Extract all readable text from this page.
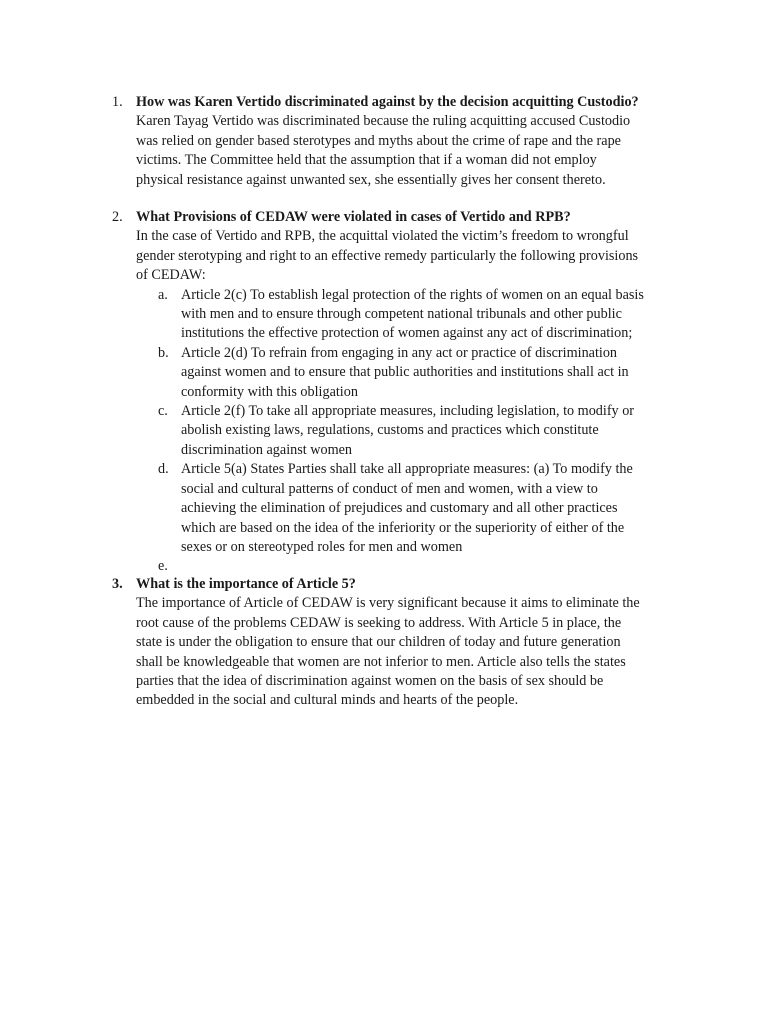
1. How was Karen Vertido discriminated against by the decision acquitting Custodio?
Karen Tayag Vertido was discriminated because the ruling acquitting accused Custodio
was relied on gender based sterotypes and myths about the crime of rape and the rape
victims. The Committee held that the assumption that if a woman did not employ
physical resistance against unwanted sex, she essentially gives her consent thereto.
2. What Provisions of CEDAW were violated in cases of Vertido and RPB?
In the case of Vertido and RPB, the acquittal violated the victim’s freedom to wrongful
gender sterotyping and right to an effective remedy particularly the following provisions
of CEDAW:
a. Article 2(c) To establish legal protection of the rights of women on an equal basis
with men and to ensure through competent national tribunals and other public
institutions the effective protection of women against any act of discrimination;
b. Article 2(d) To refrain from engaging in any act or practice of discrimination
against women and to ensure that public authorities and institutions shall act in
conformity with this obligation
c. Article 2(f) To take all appropriate measures, including legislation, to modify or
abolish existing laws, regulations, customs and practices which constitute
discrimination against women
d. Article 5(a) States Parties shall take all appropriate measures: (a) To modify the
social and cultural patterns of conduct of men and women, with a view to
achieving the elimination of prejudices and customary and all other practices
which are based on the idea of the inferiority or the superiority of either of the
sexes or on stereotyped roles for men and women
e.
3. What is the importance of Article 5?
The importance of Article of CEDAW is very significant because it aims to eliminate the
root cause of the problems CEDAW is seeking to address. With Article 5 in place, the
state is under the obligation to ensure that our children of today and future generation
shall be knowledgeable that women are not inferior to men. Article also tells the states
parties that the idea of discrimination against women on the basis of sex should be
embedded in the social and cultural minds and hearts of the people.
